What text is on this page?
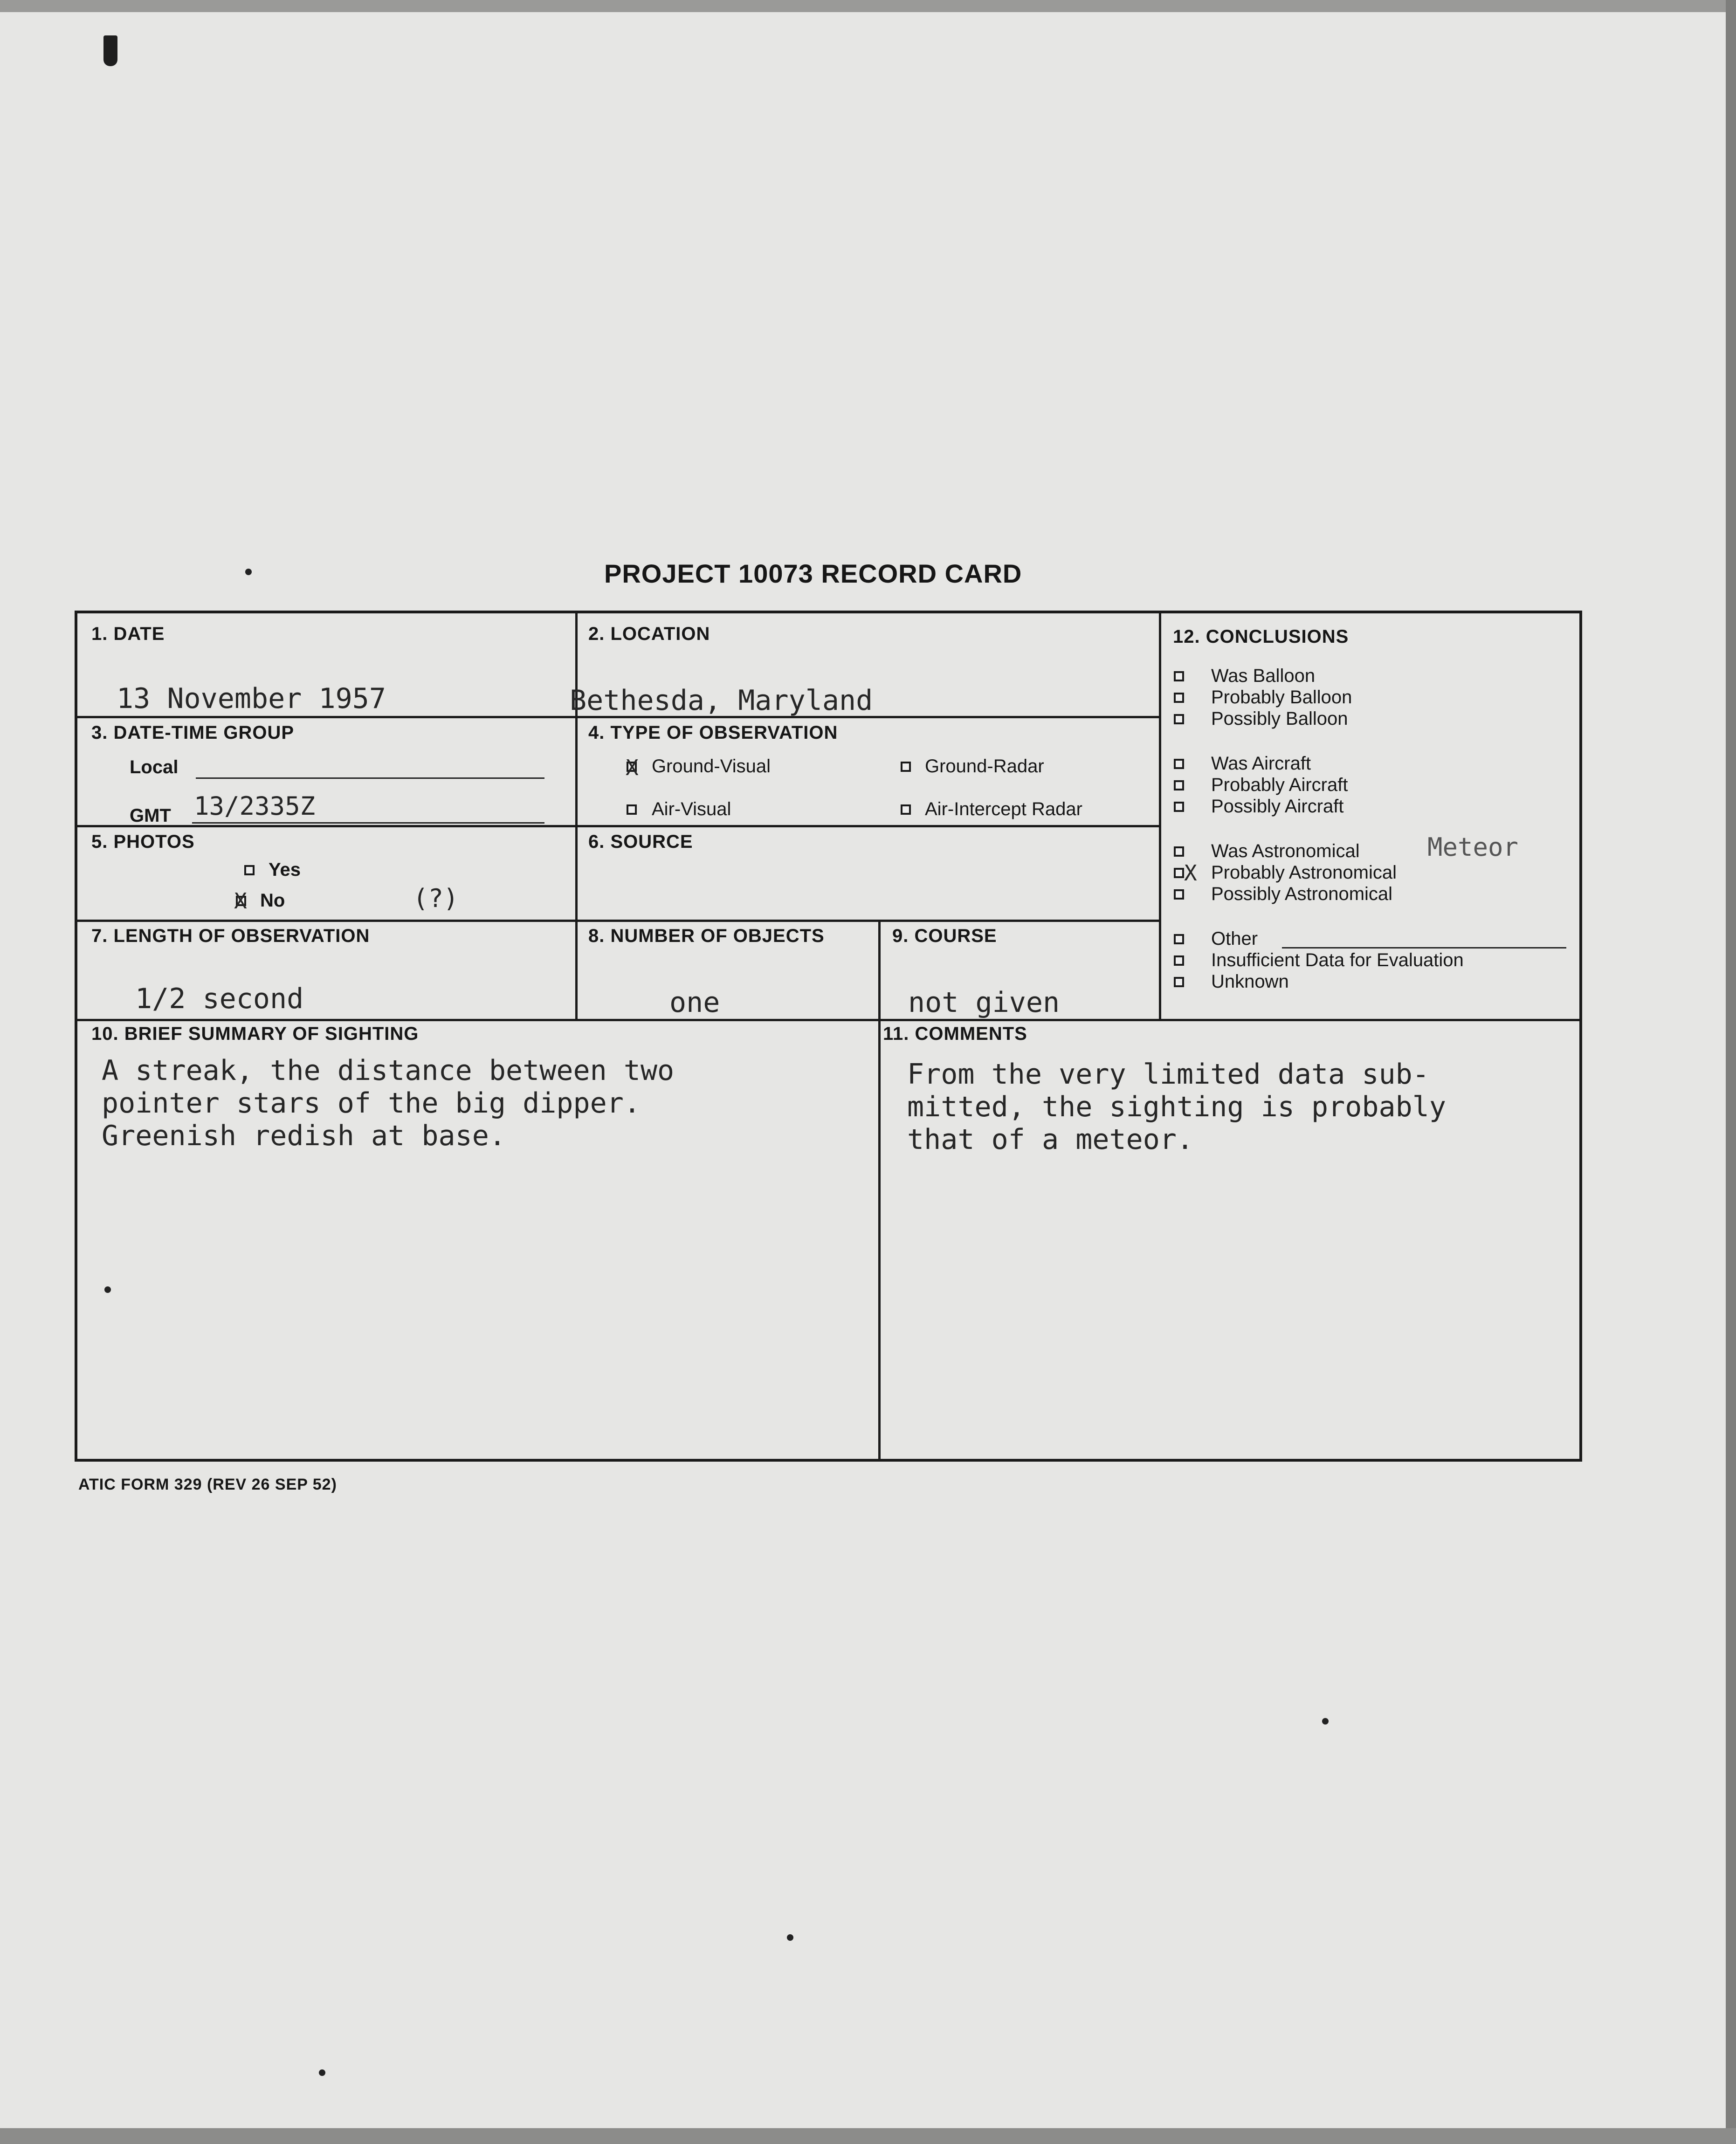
PROJECT 10073 RECORD CARD
1. DATE
13 November 1957
2. LOCATION
Bethesda, Maryland
3. DATE-TIME GROUP
Local
GMT 13/2335Z
4. TYPE OF OBSERVATION
X Ground-Visual	Ground-Radar
Air-Visual	Air-Intercept Radar
5. PHOTOS
Yes
X No	(?)
6. SOURCE
7. LENGTH OF OBSERVATION
1/2 second
8. NUMBER OF OBJECTS
one
9. COURSE
not given
12. CONCLUSIONS
Was Balloon
Probably Balloon
Possibly Balloon
Was Aircraft
Probably Aircraft
Possibly Aircraft
Was Astronomical	Meteor
X Probably Astronomical
Possibly Astronomical
Other
Insufficient Data for Evaluation
Unknown
10. BRIEF SUMMARY OF SIGHTING
A streak, the distance between two
pointer stars of the big dipper.
Greenish redish at base.
11. COMMENTS
From the very limited data sub-
mitted, the sighting is probably
that of a meteor.
ATIC FORM 329 (REV 26 SEP 52)
